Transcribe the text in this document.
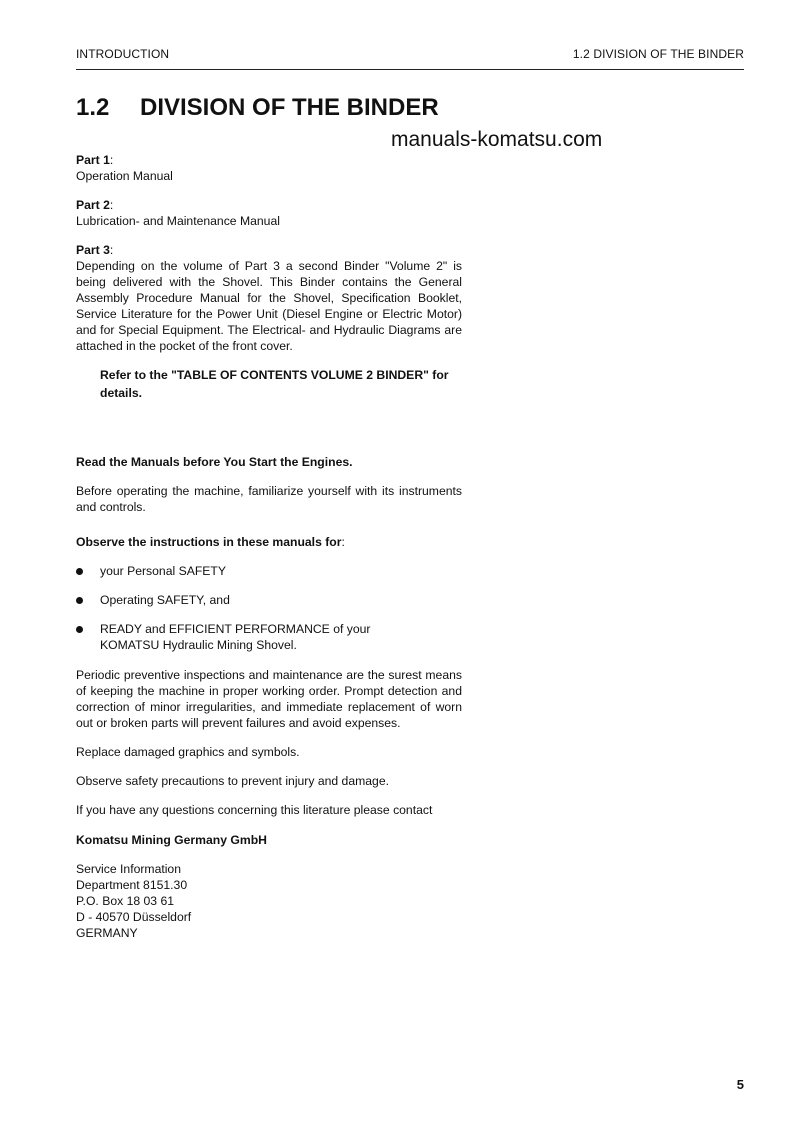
INTRODUCTION	1.2 DIVISION OF THE BINDER
1.2 DIVISION OF THE BINDER
manuals-komatsu.com

Part 1:
Operation Manual

Part 2:
Lubrication- and Maintenance Manual

Part 3:
Depending on the volume of Part 3 a second Binder "Volume 2" is being delivered with the Shovel. This Binder contains the General Assembly Procedure Manual for the Shovel, Specification Booklet, Service Literature for the Power Unit (Diesel Engine or Electric Motor) and for Special Equipment. The Electrical- and Hydraulic Diagrams are attached in the pocket of the front cover.

Refer to the "TABLE OF CONTENTS VOLUME 2 BINDER" for details.

Read the Manuals before You Start the Engines.

Before operating the machine, familiarize yourself with its instruments and controls.

Observe the instructions in these manuals for:

your Personal SAFETY
Operating SAFETY, and
READY and EFFICIENT PERFORMANCE of your KOMATSU Hydraulic Mining Shovel.

Periodic preventive inspections and maintenance are the surest means of keeping the machine in proper working order. Prompt detection and correction of minor irregularities, and immediate replacement of worn out or broken parts will prevent failures and avoid expenses.

Replace damaged graphics and symbols.

Observe safety precautions to prevent injury and damage.

If you have any questions concerning this literature please contact

Komatsu Mining Germany GmbH

Service Information
Department 8151.30
P.O. Box 18 03 61
D - 40570 Düsseldorf
GERMANY

5
